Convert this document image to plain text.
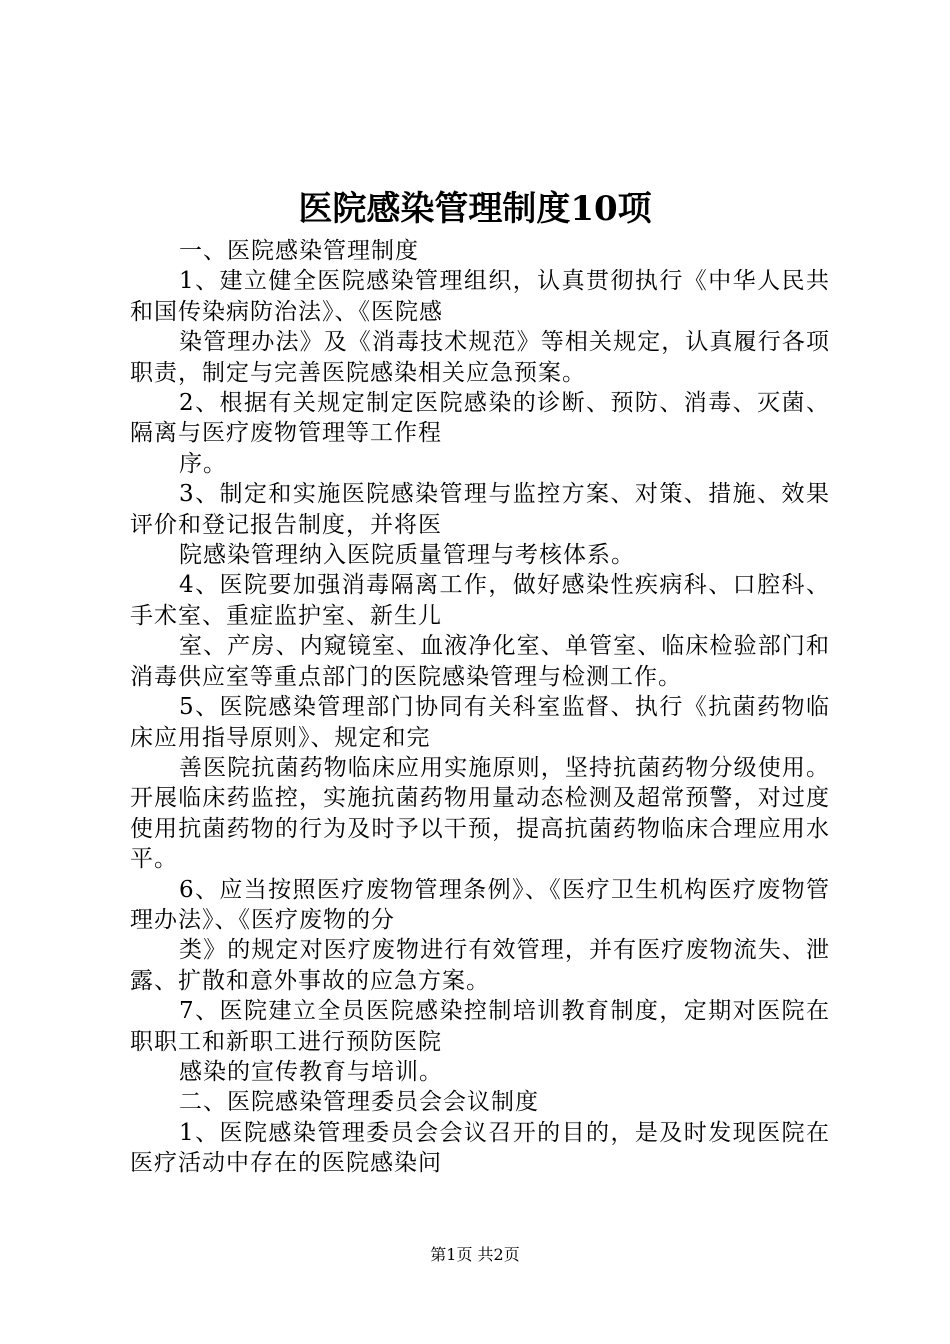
医院感染管理制度10项

一、医院感染管理制度

1、建立健全医院感染管理组织，认真贯彻执行《中华人民共和国传染病防治法》、《医院感

染管理办法》及《消毒技术规范》等相关规定，认真履行各项职责，制定与完善医院感染相关应急预案。

2、根据有关规定制定医院感染的诊断、预防、消毒、灭菌、隔离与医疗废物管理等工作程

序。

3、制定和实施医院感染管理与监控方案、对策、措施、效果评价和登记报告制度，并将医

院感染管理纳入医院质量管理与考核体系。

4、医院要加强消毒隔离工作，做好感染性疾病科、口腔科、手术室、重症监护室、新生儿

室、产房、内窥镜室、血液净化室、单管室、临床检验部门和消毒供应室等重点部门的医院感染管理与检测工作。

5、医院感染管理部门协同有关科室监督、执行《抗菌药物临床应用指导原则》、规定和完

善医院抗菌药物临床应用实施原则，坚持抗菌药物分级使用。开展临床药监控，实施抗菌药物用量动态检测及超常预警，对过度使用抗菌药物的行为及时予以干预，提高抗菌药物临床合理应用水平。

6、应当按照医疗废物管理条例》、《医疗卫生机构医疗废物管理办法》、《医疗废物的分

类》的规定对医疗废物进行有效管理，并有医疗废物流失、泄露、扩散和意外事故的应急方案。

7、医院建立全员医院感染控制培训教育制度，定期对医院在职职工和新职工进行预防医院

感染的宣传教育与培训。

二、医院感染管理委员会会议制度

1、医院感染管理委员会会议召开的目的，是及时发现医院在医疗活动中存在的医院感染问

第1页 共2页
